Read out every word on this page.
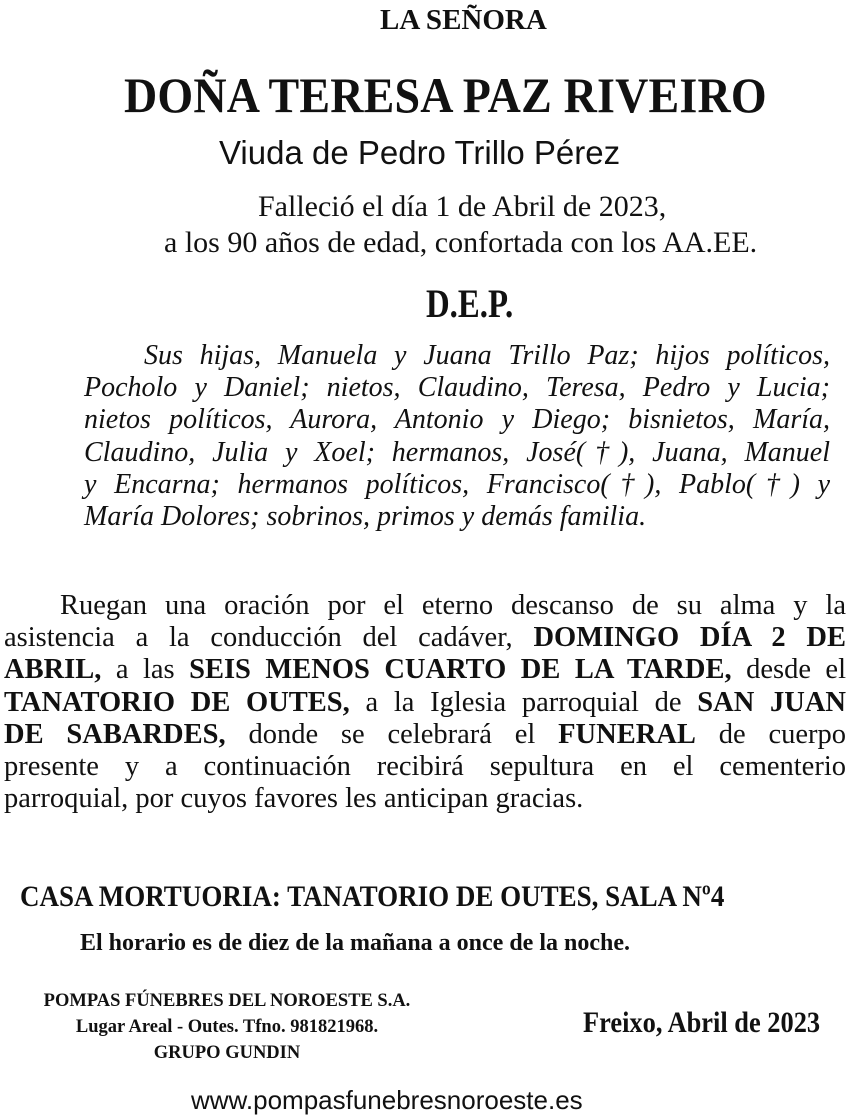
LA SEÑORA
DOÑA TERESA PAZ RIVEIRO
Viuda de Pedro Trillo Pérez
Falleció el día 1 de Abril de 2023,
a los 90 años de edad, confortada con los AA.EE.
D.E.P.
Sus hijas, Manuela y Juana Trillo Paz; hijos políticos,
Pocholo y Daniel; nietos, Claudino, Teresa, Pedro y Lucia;
nietos políticos, Aurora, Antonio y Diego; bisnietos, María,
Claudino, Julia y Xoel; hermanos, José(†), Juana, Manuel
y Encarna; hermanos políticos, Francisco(†), Pablo(†) y
María Dolores; sobrinos, primos y demás familia.
Ruegan una oración por el eterno descanso de su alma y la
asistencia a la conducción del cadáver, DOMINGO DÍA 2 DE
ABRIL, a las SEIS MENOS CUARTO DE LA TARDE, desde el
TANATORIO DE OUTES, a la Iglesia parroquial de SAN JUAN
DE SABARDES, donde se celebrará el FUNERAL de cuerpo
presente y a continuación recibirá sepultura en el cementerio
parroquial, por cuyos favores les anticipan gracias.
CASA MORTUORIA: TANATORIO DE OUTES, SALA Nº4
El horario es de diez de la mañana a once de la noche.
POMPAS FÚNEBRES DEL NOROESTE S.A.
Lugar Areal - Outes. Tfno. 981821968.
GRUPO GUNDIN
Freixo, Abril de 2023
www.pompasfunebresnoroeste.es
